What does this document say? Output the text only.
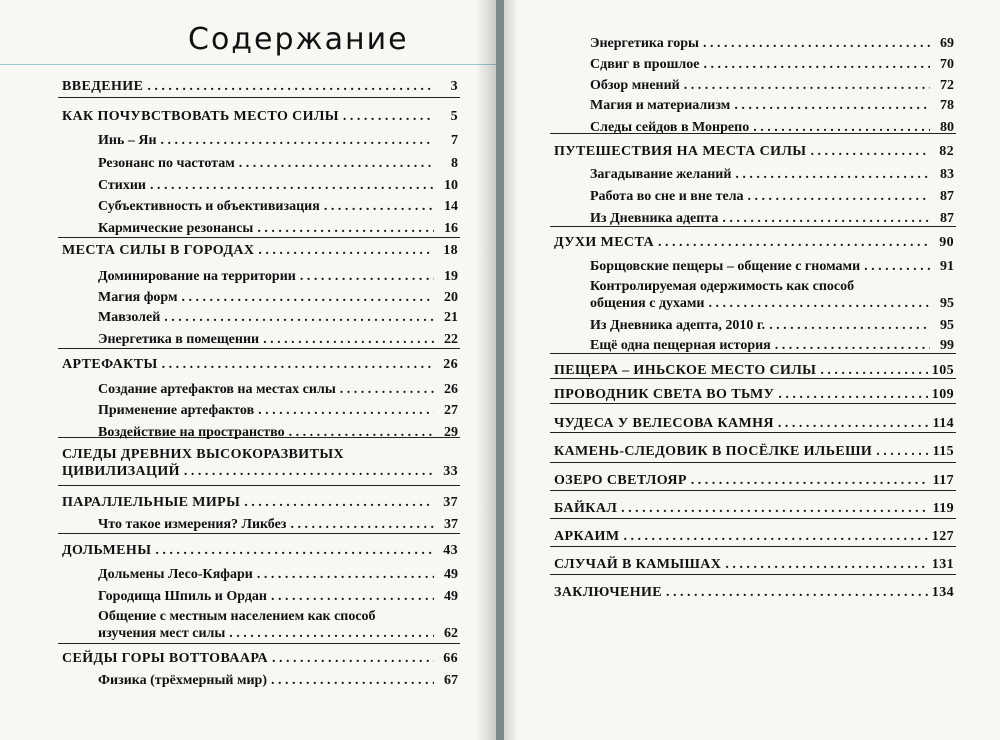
Содержание
ВВЕДЕНИЕ . . .	3
КАК ПОЧУВСТВОВАТЬ МЕСТО СИЛЫ . . .	5
Инь – Ян . . .	7
Резонанс по частотам . . .	8
Стихии . . .	10
Субъективность и объективизация . . .	14
Кармические резонансы . . .	16
МЕСТА СИЛЫ В ГОРОДАХ . . .	18
Доминирование на территории . . .	19
Магия форм . . .	20
Мавзолей . . .	21
Энергетика в помещении . . .	22
АРТЕФАКТЫ . . .	26
Создание артефактов на местах силы . . .	26
Применение артефактов . . .	27
Воздействие на пространство . . .	29
СЛЕДЫ ДРЕВНИХ ВЫСОКОРАЗВИТЫХ
ЦИВИЛИЗАЦИЙ . . .	33
ПАРАЛЛЕЛЬНЫЕ МИРЫ . . .	37
Что такое измерения? Ликбез . . .	37
ДОЛЬМЕНЫ . . .	43
Дольмены Лесо-Кяфари . . .	49
Городища Шпиль и Ордан . . .	49
Общение с местным населением как способ
изучения мест силы . . .	62
СЕЙДЫ ГОРЫ ВОТТОВААРА . . .	66
Физика (трёхмерный мир) . . .	67
Энергетика горы . . .	69
Сдвиг в прошлое . . .	70
Обзор мнений . . .	72
Магия и материализм . . .	78
Следы сейдов в Монрепо . . .	80
ПУТЕШЕСТВИЯ НА МЕСТА СИЛЫ . . .	82
Загадывание желаний . . .	83
Работа во сне и вне тела . . .	87
Из Дневника адепта . . .	87
ДУХИ МЕСТА . . .	90
Борщовские пещеры – общение с гномами . . .	91
Контролируемая одержимость как способ
общения с духами . . .	95
Из Дневника адепта, 2010 г. . . .	95
Ещё одна пещерная история . . .	99
ПЕЩЕРА – ИНЬСКОЕ МЕСТО СИЛЫ . . .	105
ПРОВОДНИК СВЕТА ВО ТЬМУ . . .	109
ЧУДЕСА У ВЕЛЕСОВА КАМНЯ . . .	114
КАМЕНЬ-СЛЕДОВИК В ПОСЁЛКЕ ИЛЬЕШИ . . .	115
ОЗЕРО СВЕТЛОЯР . . .	117
БАЙКАЛ . . .	119
АРКАИМ . . .	127
СЛУЧАЙ В КАМЫШАХ . . .	131
ЗАКЛЮЧЕНИЕ . . .	134
